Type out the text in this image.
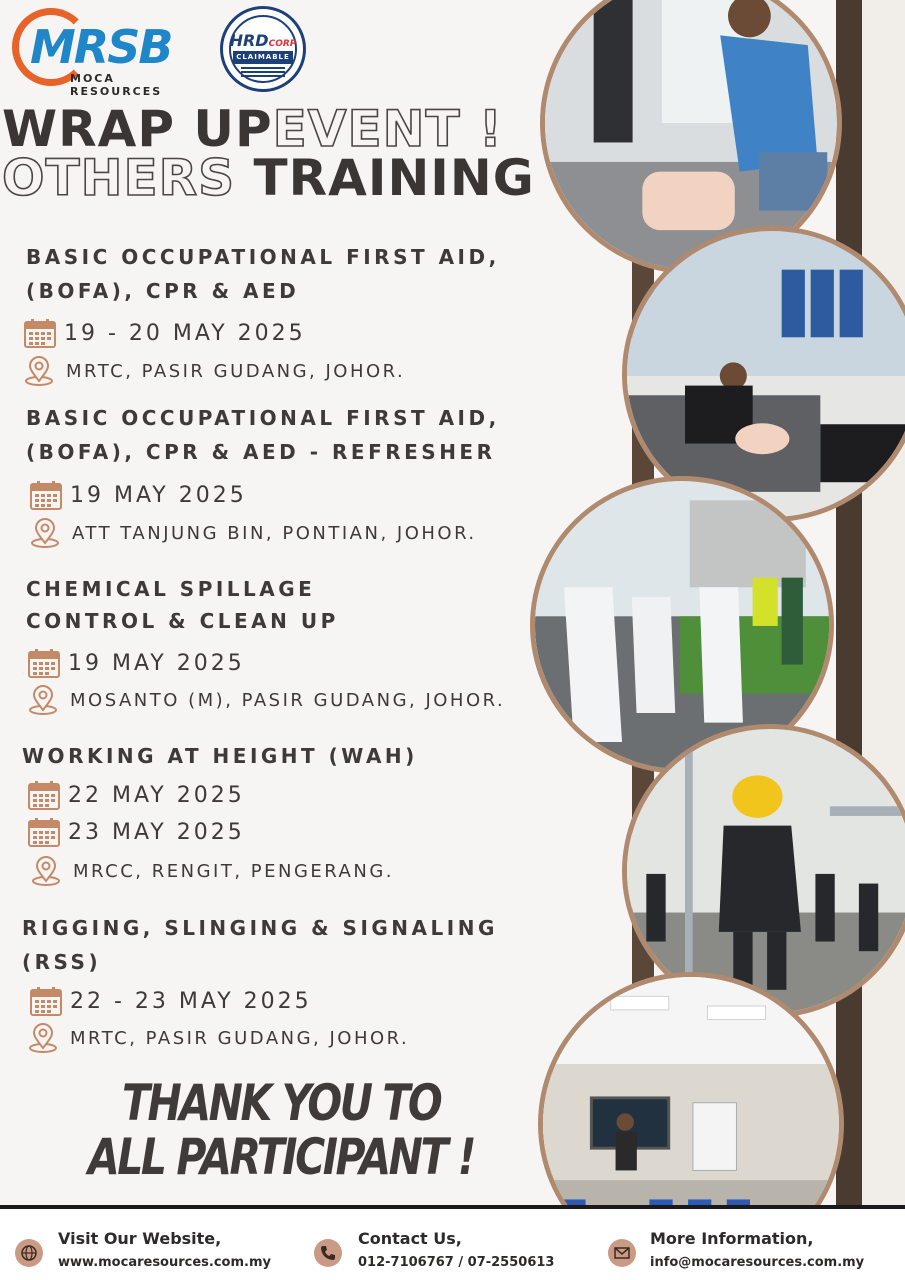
MRSB
MOCA RESOURCES
HRDCORP
CLAIMABLE
WRAP UPEVENT !
OTHERS TRAINING
BASIC OCCUPATIONAL FIRST AID,
(BOFA), CPR & AED
19 - 20 MAY 2025
MRTC, PASIR GUDANG, JOHOR.
BASIC OCCUPATIONAL FIRST AID,
(BOFA), CPR & AED - REFRESHER
19 MAY 2025
ATT TANJUNG BIN, PONTIAN, JOHOR.
CHEMICAL SPILLAGE
CONTROL & CLEAN UP
19 MAY 2025
MOSANTO (M), PASIR GUDANG, JOHOR.
WORKING AT HEIGHT (WAH)
22 MAY 2025
23 MAY 2025
MRCC, RENGIT, PENGERANG.
RIGGING, SLINGING & SIGNALING
(RSS)
22 - 23 MAY 2025
MRTC, PASIR GUDANG, JOHOR.
THANK YOU TO
ALL PARTICIPANT !
Visit Our Website,
www.mocaresources.com.my
Contact Us,
012-7106767 / 07-2550613
More Information,
info@mocaresources.com.my
